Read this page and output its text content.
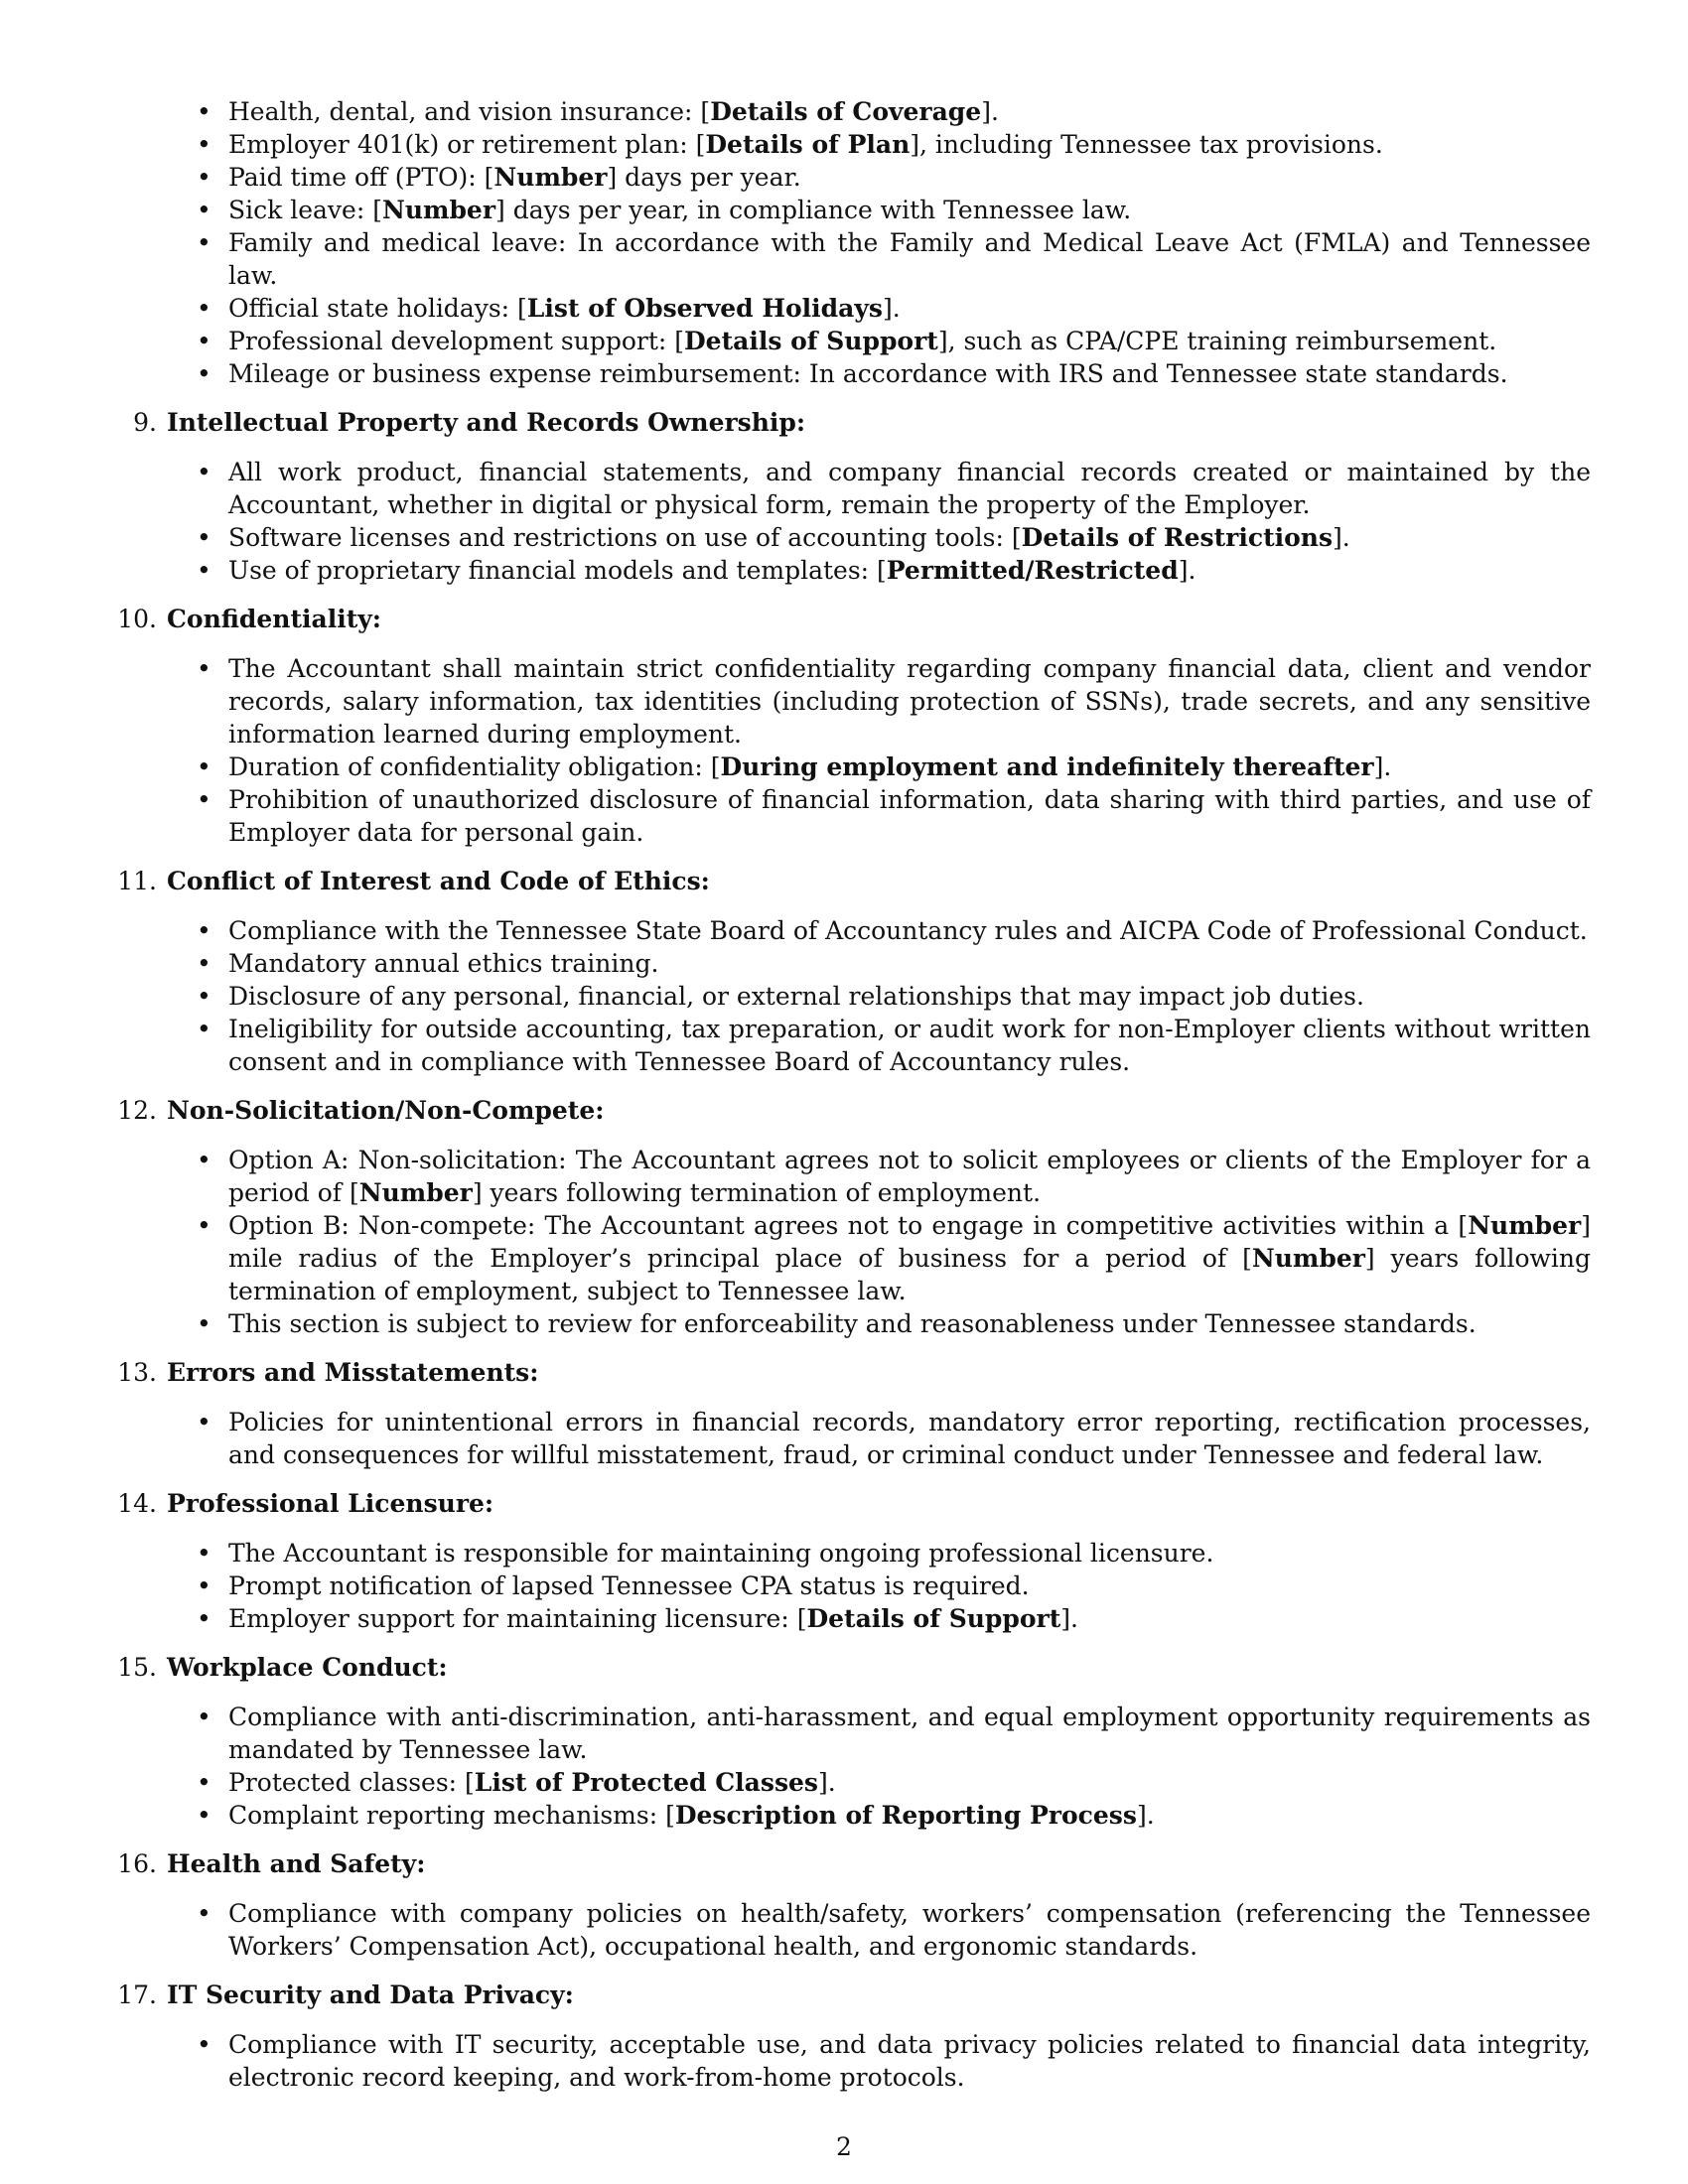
• Health, dental, and vision insurance: [Details of Coverage].
• Employer 401(k) or retirement plan: [Details of Plan], including Tennessee tax provisions.
• Paid time off (PTO): [Number] days per year.
• Sick leave: [Number] days per year, in compliance with Tennessee law.
• Family and medical leave: In accordance with the Family and Medical Leave Act (FMLA) and Tennessee law.
• Official state holidays: [List of Observed Holidays].
• Professional development support: [Details of Support], such as CPA/CPE training reimbursement.
• Mileage or business expense reimbursement: In accordance with IRS and Tennessee state standards.
9. Intellectual Property and Records Ownership:
• All work product, financial statements, and company financial records created or maintained by the Accountant, whether in digital or physical form, remain the property of the Employer.
• Software licenses and restrictions on use of accounting tools: [Details of Restrictions].
• Use of proprietary financial models and templates: [Permitted/Restricted].
10. Confidentiality:
• The Accountant shall maintain strict confidentiality regarding company financial data, client and vendor records, salary information, tax identities (including protection of SSNs), trade secrets, and any sensitive information learned during employment.
• Duration of confidentiality obligation: [During employment and indefinitely thereafter].
• Prohibition of unauthorized disclosure of financial information, data sharing with third parties, and use of Employer data for personal gain.
11. Conflict of Interest and Code of Ethics:
• Compliance with the Tennessee State Board of Accountancy rules and AICPA Code of Professional Conduct.
• Mandatory annual ethics training.
• Disclosure of any personal, financial, or external relationships that may impact job duties.
• Ineligibility for outside accounting, tax preparation, or audit work for non-Employer clients without written consent and in compliance with Tennessee Board of Accountancy rules.
12. Non-Solicitation/Non-Compete:
• Option A: Non-solicitation: The Accountant agrees not to solicit employees or clients of the Employer for a period of [Number] years following termination of employment.
• Option B: Non-compete: The Accountant agrees not to engage in competitive activities within a [Number] mile radius of the Employer’s principal place of business for a period of [Number] years following termination of employment, subject to Tennessee law.
• This section is subject to review for enforceability and reasonableness under Tennessee standards.
13. Errors and Misstatements:
• Policies for unintentional errors in financial records, mandatory error reporting, rectification processes, and consequences for willful misstatement, fraud, or criminal conduct under Tennessee and federal law.
14. Professional Licensure:
• The Accountant is responsible for maintaining ongoing professional licensure.
• Prompt notification of lapsed Tennessee CPA status is required.
• Employer support for maintaining licensure: [Details of Support].
15. Workplace Conduct:
• Compliance with anti-discrimination, anti-harassment, and equal employment opportunity requirements as mandated by Tennessee law.
• Protected classes: [List of Protected Classes].
• Complaint reporting mechanisms: [Description of Reporting Process].
16. Health and Safety:
• Compliance with company policies on health/safety, workers’ compensation (referencing the Tennessee Workers’ Compensation Act), occupational health, and ergonomic standards.
17. IT Security and Data Privacy:
• Compliance with IT security, acceptable use, and data privacy policies related to financial data integrity, electronic record keeping, and work-from-home protocols.
2
